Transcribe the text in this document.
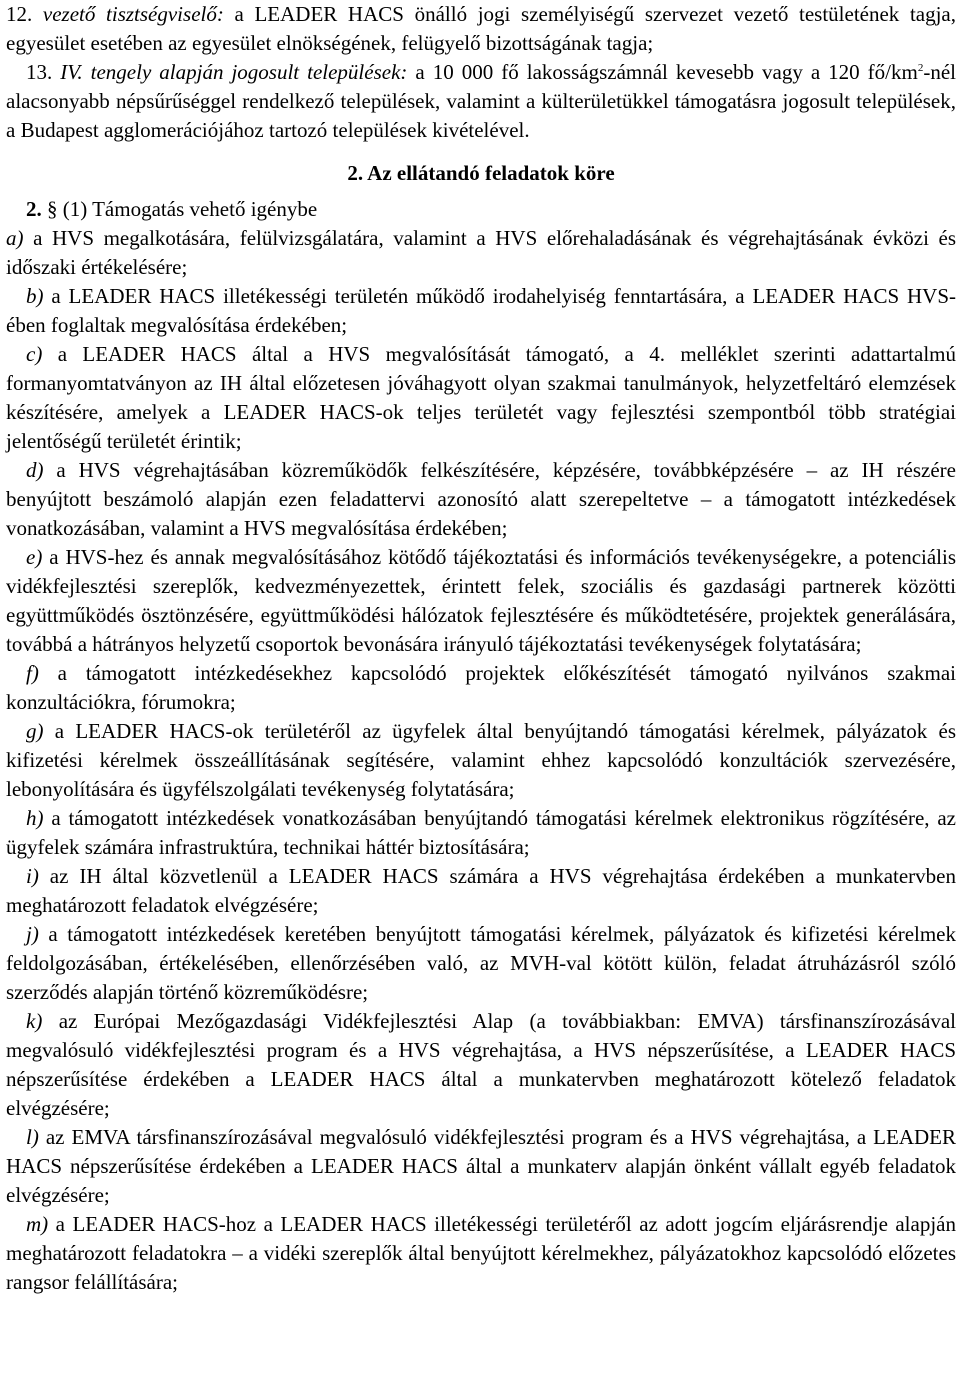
12. vezető tisztségviselő: a LEADER HACS önálló jogi személyiségű szervezet vezető testületének tagja, egyesület esetében az egyesület elnökségének, felügyelő bizottságának tagja;

13. IV. tengely alapján jogosult települések: a 10 000 fő lakosságszámnál kevesebb vagy a 120 $fő/km^2$-nél alacsonyabb népsűrűséggel rendelkező települések, valamint a külterületükkel támogatásra jogosult települések, a Budapest agglomerációjához tartozó települések kivételével.

2. Az ellátandó feladatok köre

2. § (1) Támogatás vehető igénybe

a) a HVS megalkotására, felülvizsgálatára, valamint a HVS előrehaladásának és végrehajtásának évközi és időszaki értékelésére;

b) a LEADER HACS illetékességi területén működő irodahelyiség fenntartására, a LEADER HACS HVS-ében foglaltak megvalósítása érdekében;

c) a LEADER HACS által a HVS megvalósítását támogató, a 4. melléklet szerinti adattartalmú formanyomtatványon az IH által előzetesen jóváhagyott olyan szakmai tanulmányok, helyzetfeltáró elemzések készítésére, amelyek a LEADER HACS-ok teljes területét vagy fejlesztési szempontból több stratégiai jelentőségű területét érintik;

d) a HVS végrehajtásában közreműködők felkészítésére, képzésére, továbbképzésére – az IH részére benyújtott beszámoló alapján ezen feladattervi azonosító alatt szerepeltetve – a támogatott intézkedések vonatkozásában, valamint a HVS megvalósítása érdekében;

e) a HVS-hez és annak megvalósításához kötődő tájékoztatási és információs tevékenységekre, a potenciális vidékfejlesztési szereplők, kedvezményezettek, érintett felek, szociális és gazdasági partnerek közötti együttműködés ösztönzésére, együttműködési hálózatok fejlesztésére és működtetésére, projektek generálására, továbbá a hátrányos helyzetű csoportok bevonására irányuló tájékoztatási tevékenységek folytatására;

f) a támogatott intézkedésekhez kapcsolódó projektek előkészítését támogató nyilvános szakmai konzultációkra, fórumokra;

g) a LEADER HACS-ok területéről az ügyfelek által benyújtandó támogatási kérelmek, pályázatok és kifizetési kérelmek összeállításának segítésére, valamint ehhez kapcsolódó konzultációk szervezésére, lebonyolítására és ügyfélszolgálati tevékenység folytatására;

h) a támogatott intézkedések vonatkozásában benyújtandó támogatási kérelmek elektronikus rögzítésére, az ügyfelek számára infrastruktúra, technikai háttér biztosítására;

i) az IH által közvetlenül a LEADER HACS számára a HVS végrehajtása érdekében a munkatervben meghatározott feladatok elvégzésére;

j) a támogatott intézkedések keretében benyújtott támogatási kérelmek, pályázatok és kifizetési kérelmek feldolgozásában, értékelésében, ellenőrzésében való, az MVH-val kötött külön, feladat átruházásról szóló szerződés alapján történő közreműködésre;

k) az Európai Mezőgazdasági Vidékfejlesztési Alap (a továbbiakban: EMVA) társfinanszírozásával megvalósuló vidékfejlesztési program és a HVS végrehajtása, a HVS népszerűsítése, a LEADER HACS népszerűsítése érdekében a LEADER HACS által a munkatervben meghatározott kötelező feladatok elvégzésére;

l) az EMVA társfinanszírozásával megvalósuló vidékfejlesztési program és a HVS végrehajtása, a LEADER HACS népszerűsítése érdekében a LEADER HACS által a munkaterv alapján önként vállalt egyéb feladatok elvégzésére;

m) a LEADER HACS-hoz a LEADER HACS illetékességi területéről az adott jogcím eljárásrendje alapján meghatározott feladatokra – a vidéki szereplők által benyújtott kérelmekhez, pályázatokhoz kapcsolódó előzetes rangsor felállítására;
